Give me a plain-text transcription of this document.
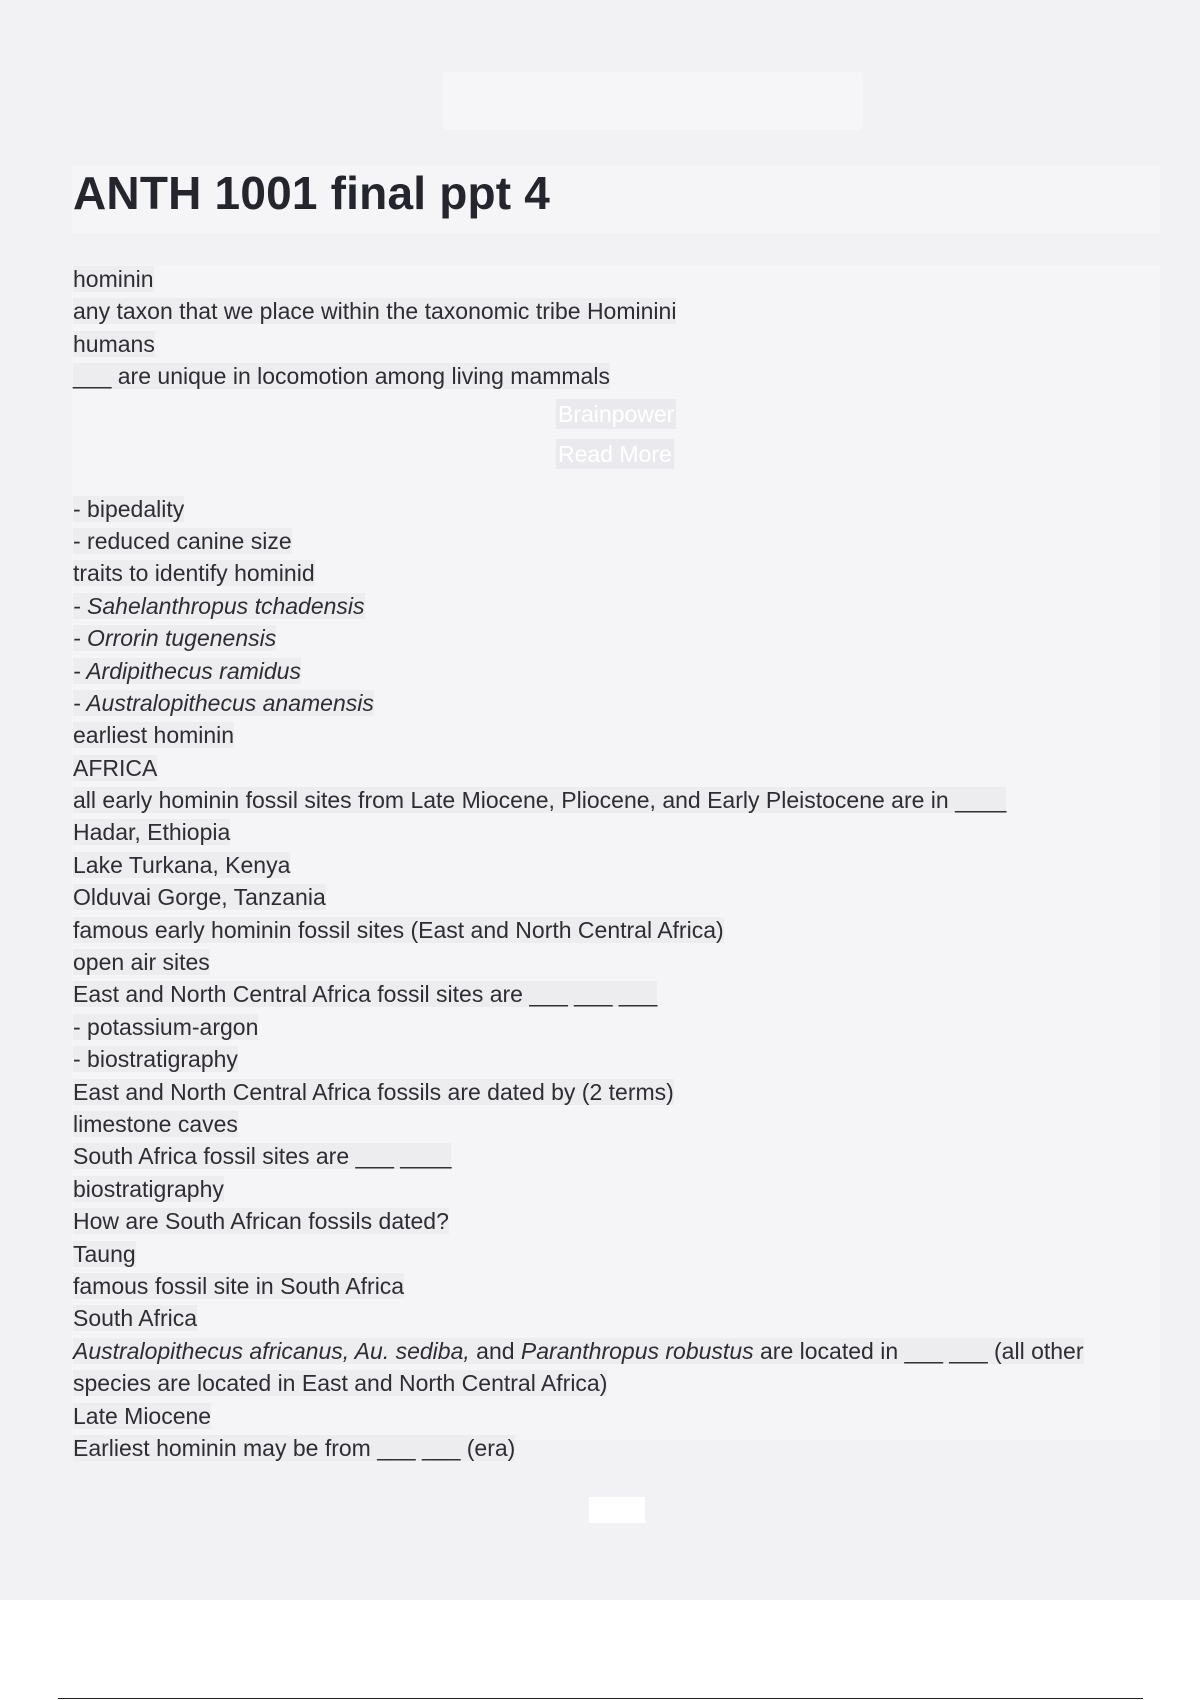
ANTH 1001 final ppt 4
hominin
any taxon that we place within the taxonomic tribe Hominini
humans
___ are unique in locomotion among living mammals
Brainpower
Read More
- bipedality
- reduced canine size
traits to identify hominid
- Sahelanthropus tchadensis
- Orrorin tugenensis
- Ardipithecus ramidus
- Australopithecus anamensis
earliest hominin
AFRICA
all early hominin fossil sites from Late Miocene, Pliocene, and Early Pleistocene are in ____
Hadar, Ethiopia
Lake Turkana, Kenya
Olduvai Gorge, Tanzania
famous early hominin fossil sites (East and North Central Africa)
open air sites
East and North Central Africa fossil sites are ___ ___ ___
- potassium-argon
- biostratigraphy
East and North Central Africa fossils are dated by (2 terms)
limestone caves
South Africa fossil sites are ___ ____
biostratigraphy
How are South African fossils dated?
Taung
famous fossil site in South Africa
South Africa
Australopithecus africanus, Au. sediba, and Paranthropus robustus are located in ___ ___ (all other species are located in East and North Central Africa)
Late Miocene
Earliest hominin may be from ___ ___ (era)
